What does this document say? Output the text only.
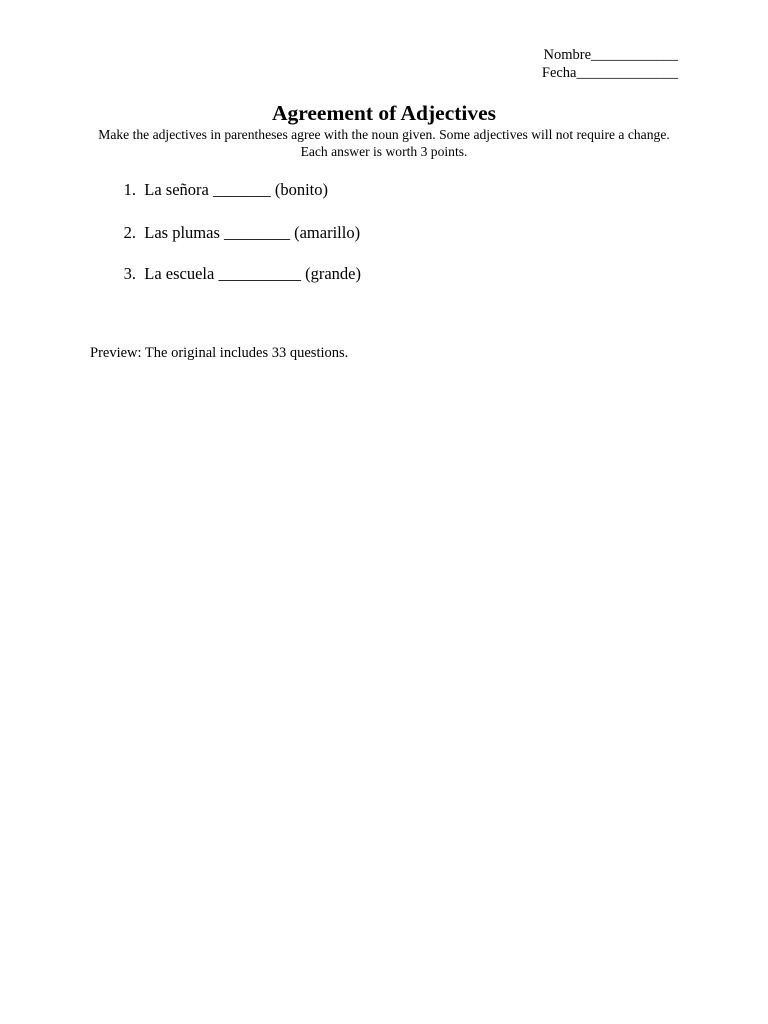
Nombre____________
Fecha______________
Agreement of Adjectives
Make the adjectives in parentheses agree with the noun given. Some adjectives will not require a change.
Each answer is worth 3 points.
1. La señora _______ (bonito)
2. Las plumas ________ (amarillo)
3. La escuela __________ (grande)

Preview: The original includes 33 questions.
